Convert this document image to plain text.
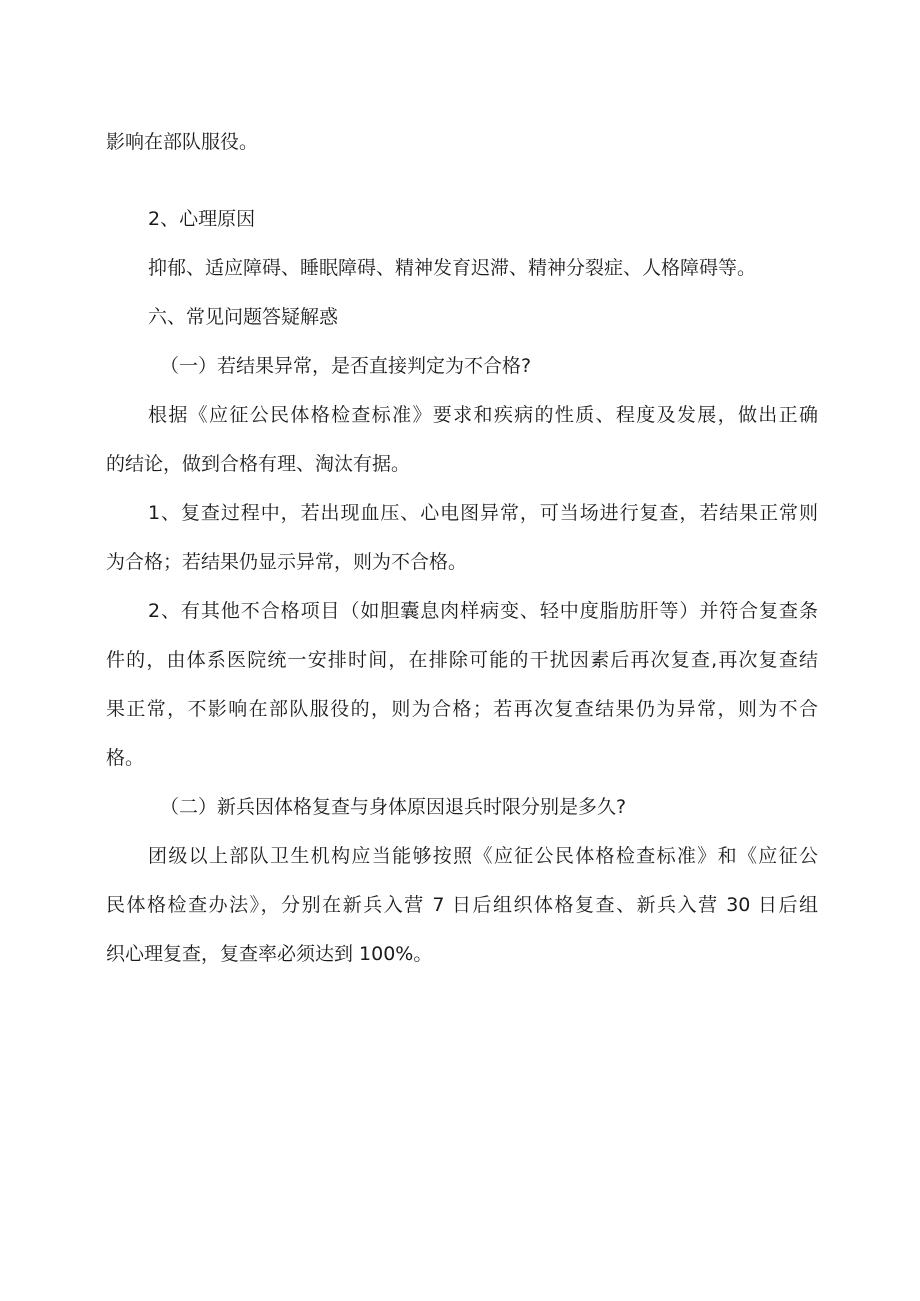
影响在部队服役。
2、心理原因
抑郁、适应障碍、睡眠障碍、精神发育迟滞、精神分裂症、人格障碍等。
六、常见问题答疑解惑
（一）若结果异常，是否直接判定为不合格?
根据《应征公民体格检查标准》要求和疾病的性质、程度及发展，做出正确
的结论，做到合格有理、淘汰有据。
1、复查过程中，若出现血压、心电图异常，可当场进行复查，若结果正常则
为合格；若结果仍显示异常，则为不合格。
2、有其他不合格项目（如胆囊息肉样病变、轻中度脂肪肝等）并符合复查条
件的，由体系医院统一安排时间，在排除可能的干扰因素后再次复查,再次复查结
果正常，不影响在部队服役的，则为合格；若再次复查结果仍为异常，则为不合
格。
（二）新兵因体格复查与身体原因退兵时限分别是多久?
团级以上部队卫生机构应当能够按照《应征公民体格检查标准》和《应征公
民体格检查办法》，分别在新兵入营 7 日后组织体格复查、新兵入营 30 日后组
织心理复查，复查率必须达到 100%。
